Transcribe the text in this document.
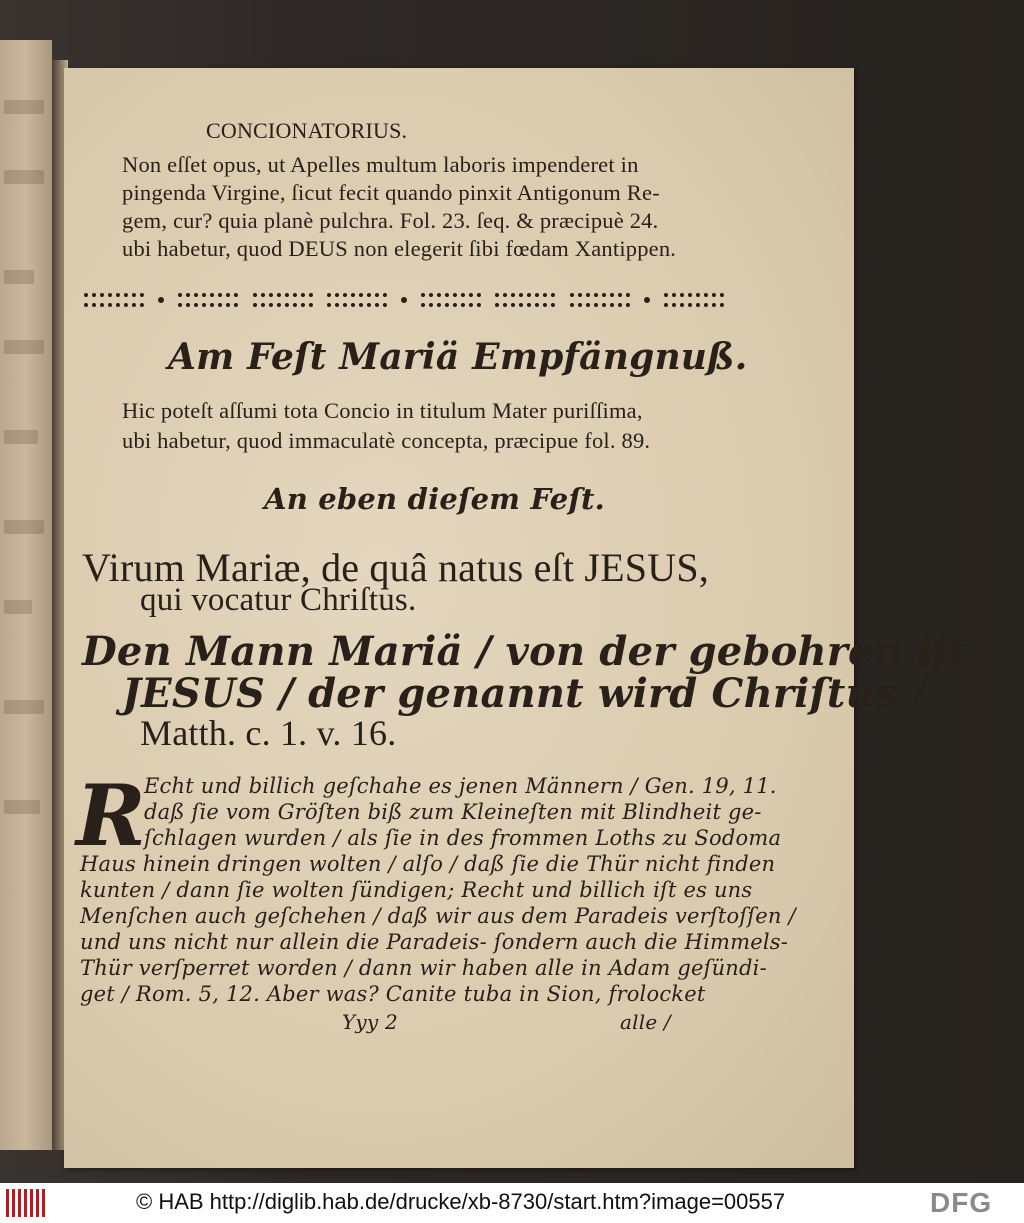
CONCIONATORIUS.
Non eſſet opus, ut Apelles multum laboris impenderet in
pingenda Virgine, ſicut fecit quando pinxit Antigonum Re-
gem, cur? quia planè pulchra. Fol. 23. ſeq. & præcipuè 24.
ubi habetur, quod DEUS non elegerit ſibi fœdam Xantippen.
Am Feſt Mariä Empfängnuß.
Hic poteſt aſſumi tota Concio in titulum Mater puriſſima,
ubi habetur, quod immaculatè concepta, præcipue fol. 89.
An eben dieſem Feſt.
Virum Mariæ, de quâ natus eſt JESUS,
qui vocatur Chriſtus.
Den Mann Mariä / von der gebohren iſt
JESUS / der genannt wird Chriſtus /
Matth. c. 1. v. 16.
R
Echt und billich geſchahe es jenen Männern / Gen. 19, 11.
daß ſie vom Gröſten biß zum Kleineſten mit Blindheit ge-
ſchlagen wurden / als ſie in des frommen Loths zu Sodoma
Haus hinein dringen wolten / alſo / daß ſie die Thür nicht finden
kunten / dann ſie wolten ſündigen; Recht und billich iſt es uns
Menſchen auch geſchehen / daß wir aus dem Paradeis verſtoſſen /
und uns nicht nur allein die Paradeis- ſondern auch die Himmels-
Thür verſperret worden / dann wir haben alle in Adam geſündi-
get / Rom. 5, 12. Aber was? Canite tuba in Sion, frolocket
Yyy 2	alle /
© HAB http://diglib.hab.de/drucke/xb-8730/start.htm?image=00557	DFG
